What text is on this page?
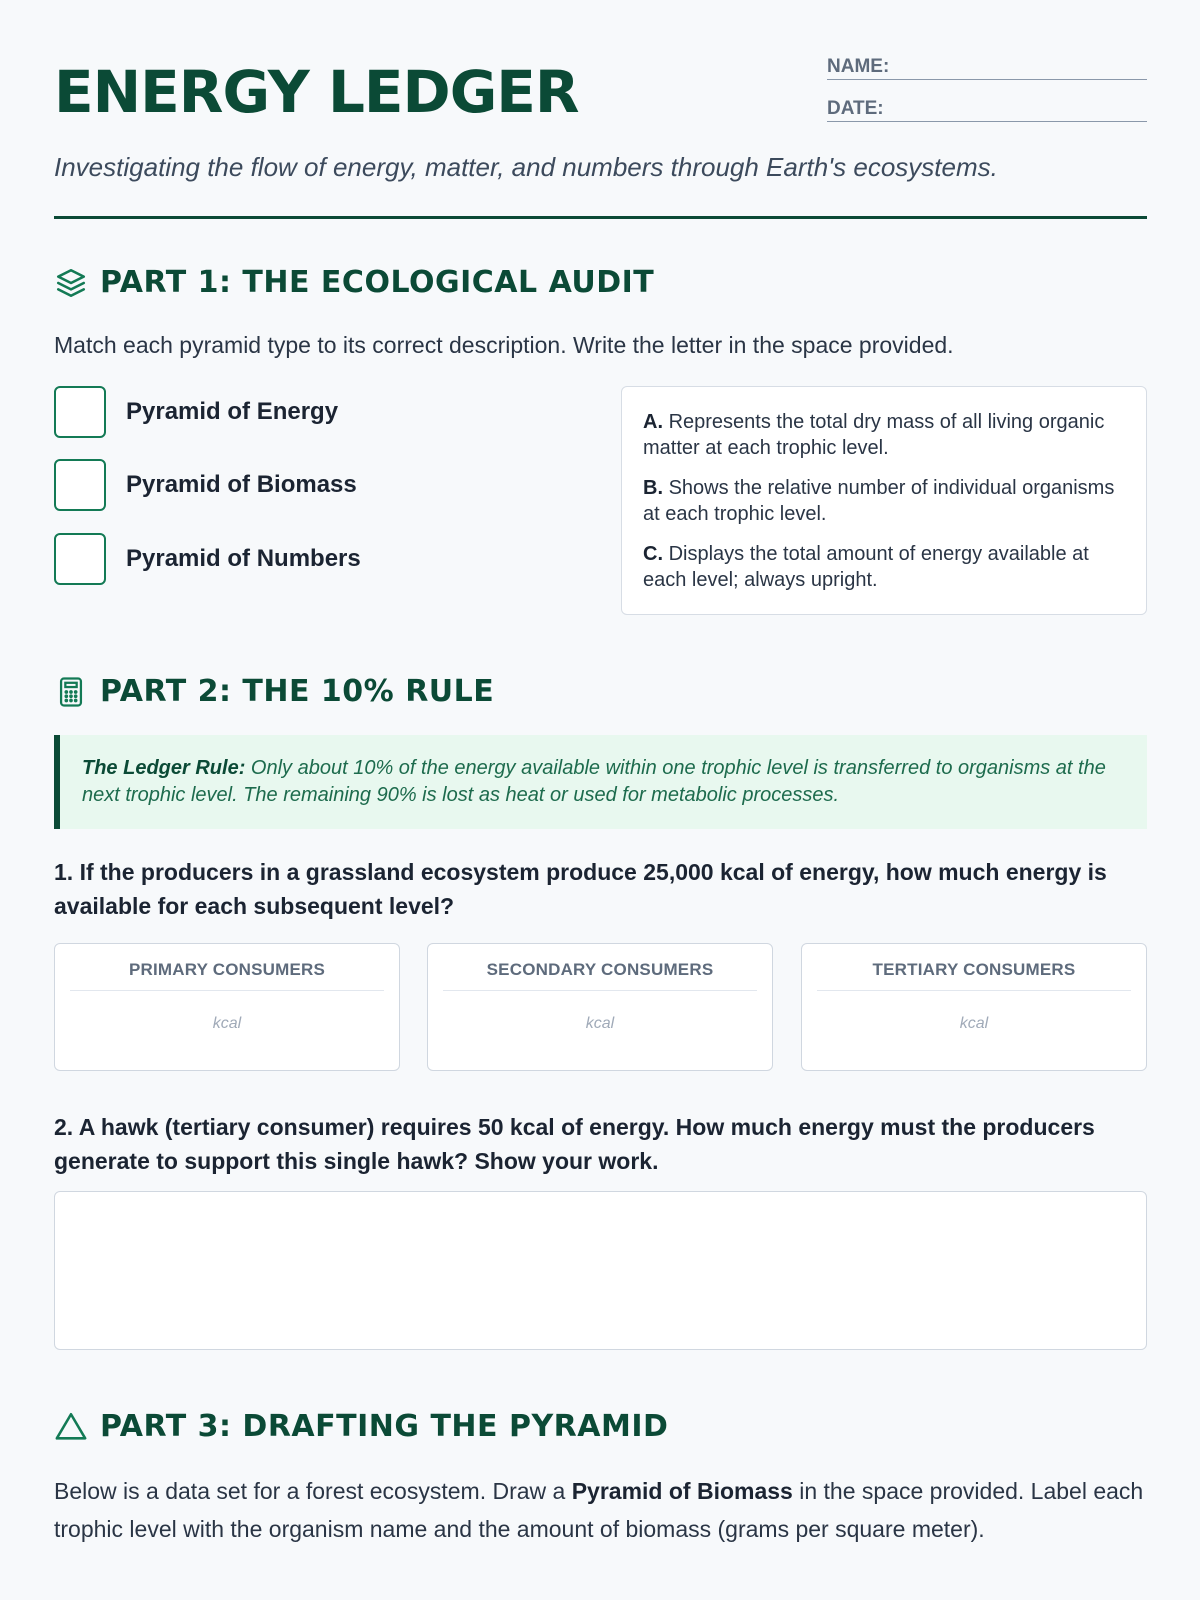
ENERGY LEDGER	NAME:
DATE:

Investigating the flow of energy, matter, and numbers through Earth's ecosystems.

PART 1: THE ECOLOGICAL AUDIT

Match each pyramid type to its correct description. Write the letter in the space provided.

Pyramid of Energy
Pyramid of Biomass
Pyramid of Numbers

A. Represents the total dry mass of all living organic matter at each trophic level.

B. Shows the relative number of individual organisms at each trophic level.

C. Displays the total amount of energy available at each level; always upright.

PART 2: THE 10% RULE
The Ledger Rule: Only about 10% of the energy available within one trophic level is transferred to organisms at the next trophic level. The remaining 90% is lost as heat or used for metabolic processes.

1. If the producers in a grassland ecosystem produce 25,000 kcal of energy, how much energy is available for each subsequent level?

PRIMARY CONSUMERS
kcal
SECONDARY CONSUMERS
kcal
TERTIARY CONSUMERS
kcal

2. A hawk (tertiary consumer) requires 50 kcal of energy. How much energy must the producers generate to support this single hawk? Show your work.

PART 3: DRAFTING THE PYRAMID

Below is a data set for a forest ecosystem. Draw a Pyramid of Biomass in the space provided. Label each trophic level with the organism name and the amount of biomass (grams per square meter).
